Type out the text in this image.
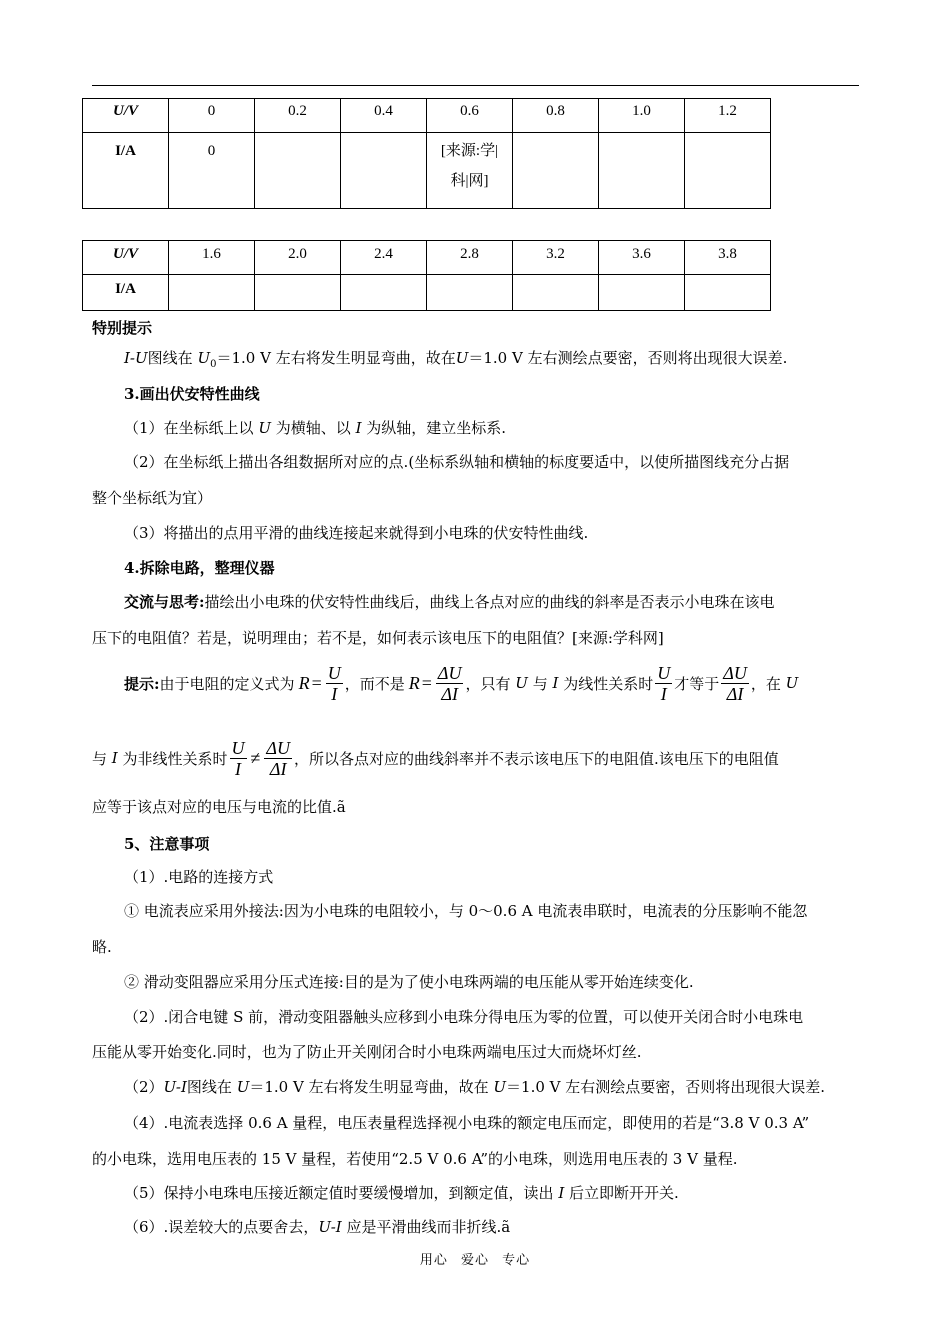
U/V	0	0.2	0.4	0.6	0.8	1.0	1.2
I/A	0			[来源:学|科|网]			
U/V	1.6	2.0	2.4	2.8	3.2	3.6	3.8
I/A							
特别提示
I-U图线在 $U_0=1.0$ V 左右将发生明显弯曲，故在U＝1.0 V 左右测绘点要密，否则将出现很大误差.
3.画出伏安特性曲线
（1）在坐标纸上以 U 为横轴、以 I 为纵轴，建立坐标系.
（2）在坐标纸上描出各组数据所对应的点.(坐标系纵轴和横轴的标度要适中，以使所描图线充分占据
整个坐标纸为宜）
（3）将描出的点用平滑的曲线连接起来就得到小电珠的伏安特性曲线.
4.拆除电路，整理仪器
交流与思考:描绘出小电珠的伏安特性曲线后，曲线上各点对应的曲线的斜率是否表示小电珠在该电
压下的电阻值？若是，说明理由；若不是，如何表示该电压下的电阻值？[来源:学科网]
提示: 由于电阻的定义式为 $R = \frac{U}{I}$ ，而不是 $R = \frac{\Delta U}{\Delta I}$ ，只有
U
与
I
为线性关系时 $\frac{U}{I}$ 才等于 $\frac{\Delta U}{\Delta I}$ ，在
U
与
I
为非线性关系时 $\frac{U}{I} \ne \frac{\Delta U}{\Delta I}$ ，所以各点对应的曲线斜率并不表示该电压下的电阻值.该电压下的电阻值
应等于该点对应的电压与电流的比值.ã
5、注意事项
（1）.电路的连接方式
① 电流表应采用外接法:因为小电珠的电阻较小，与 0～0.6 A 电流表串联时，电流表的分压影响不能忽
略.
② 滑动变阻器应采用分压式连接:目的是为了使小电珠两端的电压能从零开始连续变化.
（2）.闭合电键 S 前，滑动变阻器触头应移到小电珠分得电压为零的位置，可以使开关闭合时小电珠电
压能从零开始变化.同时，也为了防止开关刚闭合时小电珠两端电压过大而烧坏灯丝.
（2）U-I图线在 U＝1.0 V 左右将发生明显弯曲，故在 U＝1.0 V 左右测绘点要密，否则将出现很大误差.
（4）.电流表选择 0.6 A 量程，电压表量程选择视小电珠的额定电压而定，即使用的若是“3.8 V 0.3 A”
的小电珠，选用电压表的 15 V 量程，若使用“2.5 V 0.6 A”的小电珠，则选用电压表的 3 V 量程.
（5）保持小电珠电压接近额定值时要缓慢增加，到额定值，读出 I 后立即断开开关.
（6）.误差较大的点要舍去，U-I 应是平滑曲线而非折线.ã
用心 爱心 专心
